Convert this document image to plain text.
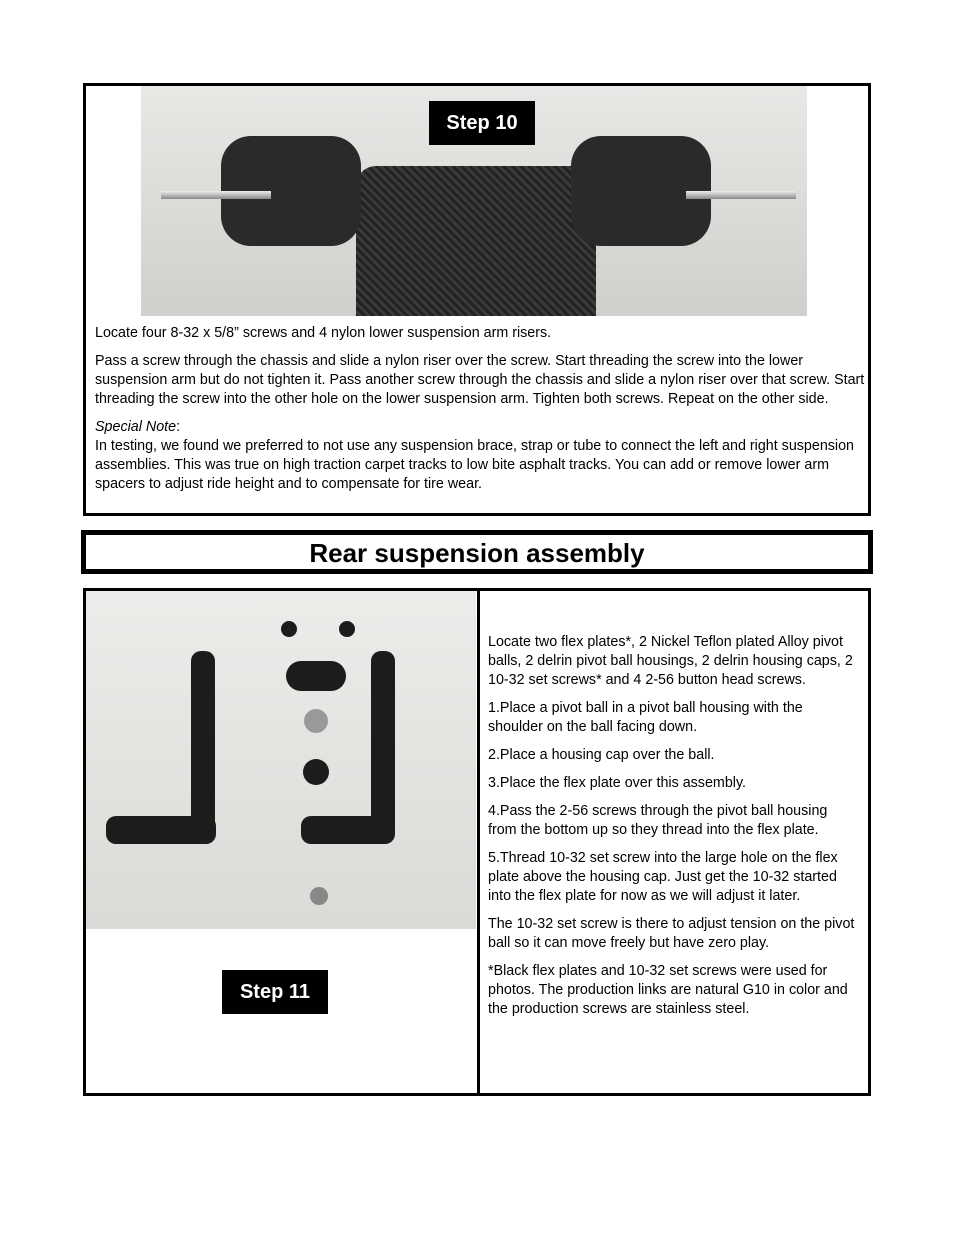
Step 10

Locate four 8-32 x 5/8” screws and 4 nylon lower suspension arm risers.

Pass a screw through the chassis and slide a nylon riser over the screw. Start threading the screw into the lower suspension arm but do not tighten it. Pass another screw through the chassis and slide a nylon riser over that screw. Start threading the screw into the other hole on the lower suspension arm. Tighten both screws. Repeat on the other side.

Special Note:
In testing, we found we preferred to not use any suspension brace, strap or tube to connect the left and right suspension assemblies. This was true on high traction carpet tracks to low bite asphalt tracks. You can add or remove lower arm spacers to adjust ride height and to compensate for tire wear.
Rear suspension assembly
Step 11

Locate two flex plates*, 2 Nickel Teflon plated Alloy pivot balls, 2 delrin pivot ball housings, 2 delrin housing caps, 2 10-32 set screws* and 4 2-56 button head screws.

1.Place a pivot ball in a pivot ball housing with the shoulder on the ball facing down.

2.Place a housing cap over the ball.

3.Place the flex plate over this assembly.

4.Pass the 2-56 screws through the pivot ball housing from the bottom up so they thread into the flex plate.

5.Thread 10-32 set screw into the large hole on the flex plate above the housing cap. Just get the 10-32 started into the flex plate for now as we will adjust it later.

The 10-32 set screw is there to adjust tension on the pivot ball so it can move freely but have zero play.

*Black flex plates and 10-32 set screws were used for photos. The production links are natural G10 in color and the production screws are stainless steel.
